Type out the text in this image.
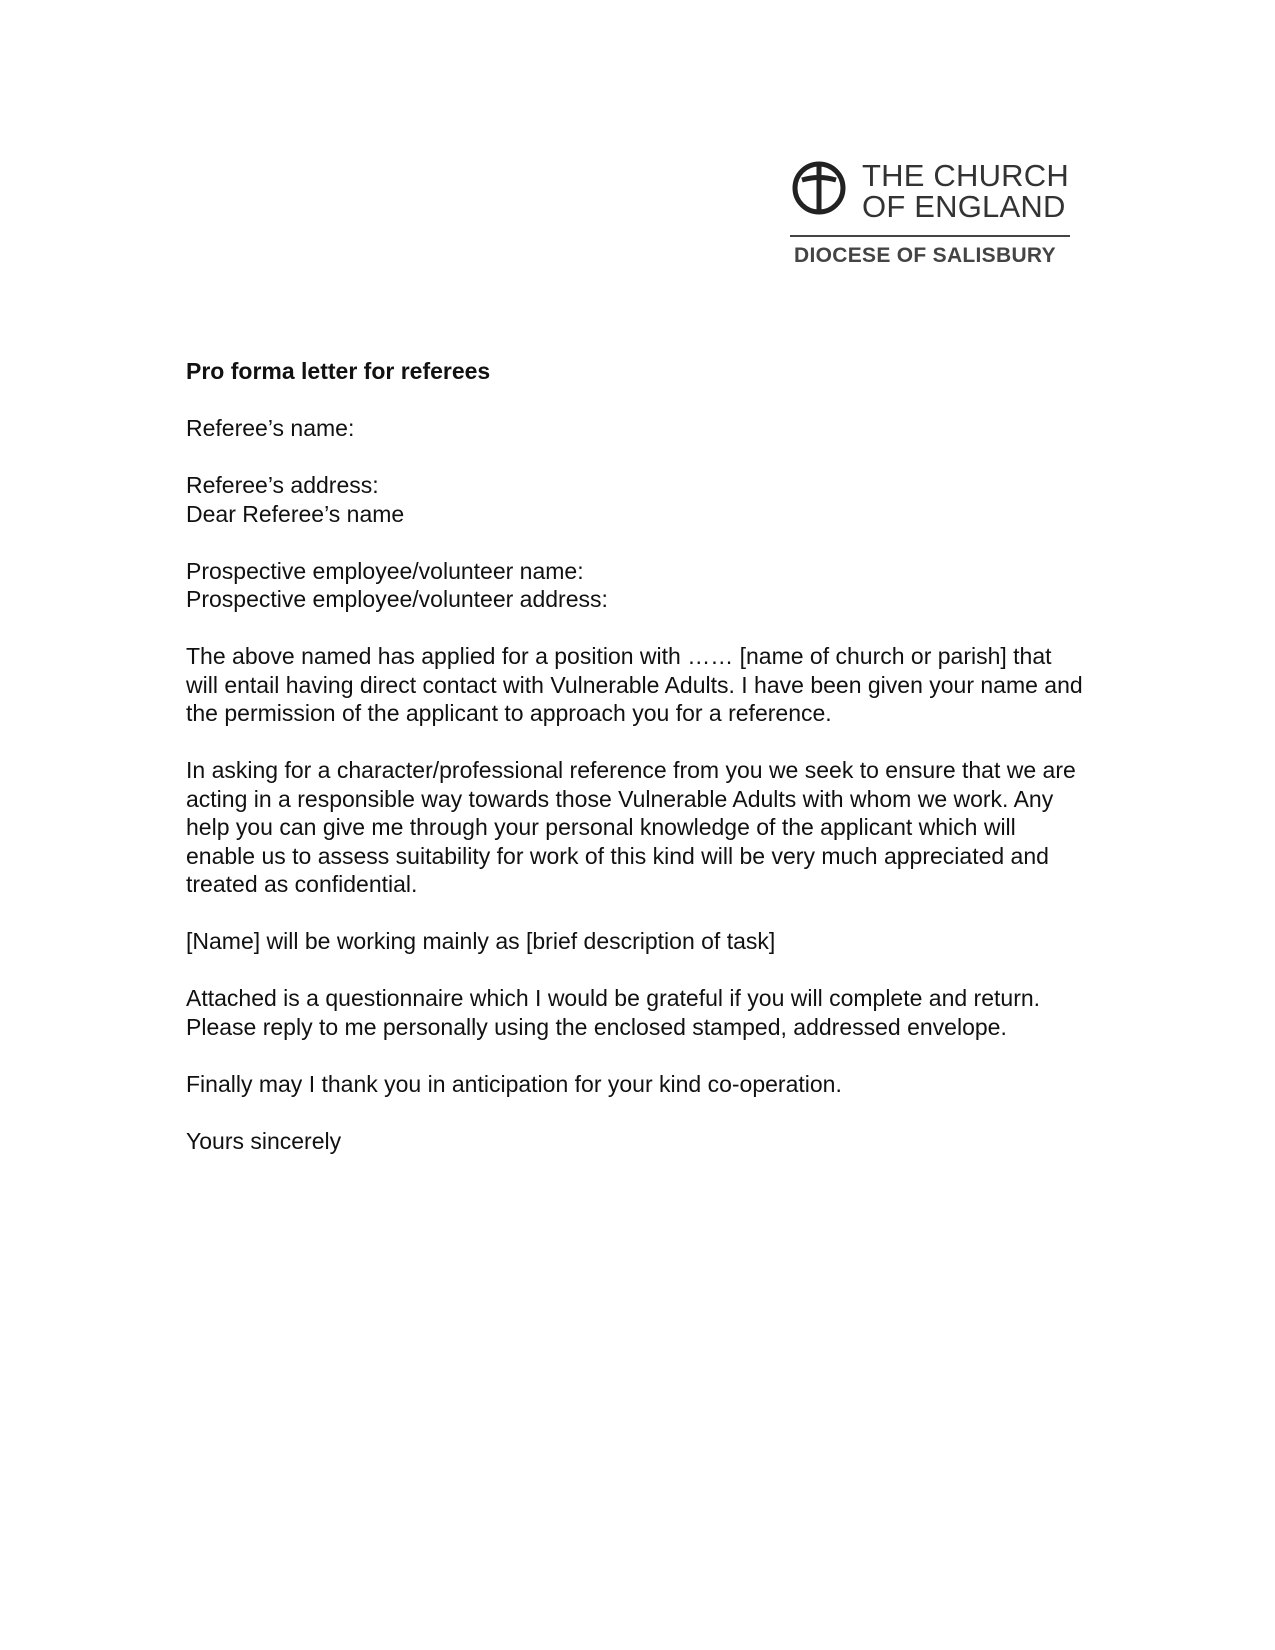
THE CHURCH
OF ENGLAND
DIOCESE OF SALISBURY

Pro forma letter for referees

Referee’s name:

Referee’s address:

Dear Referee’s name

Prospective employee/volunteer name:

Prospective employee/volunteer address:

The above named has applied for a position with …… [name of church or parish] that will entail having direct contact with Vulnerable Adults. I have been given your name and the permission of the applicant to approach you for a reference.

In asking for a character/professional reference from you we seek to ensure that we are acting in a responsible way towards those Vulnerable Adults with whom we work. Any help you can give me through your personal knowledge of the applicant which will enable us to assess suitability for work of this kind will be very much appreciated and treated as confidential.

[Name] will be working mainly as [brief description of task]

Attached is a questionnaire which I would be grateful if you will complete and return. Please reply to me personally using the enclosed stamped, addressed envelope.

Finally may I thank you in anticipation for your kind co-operation.

Yours sincerely
